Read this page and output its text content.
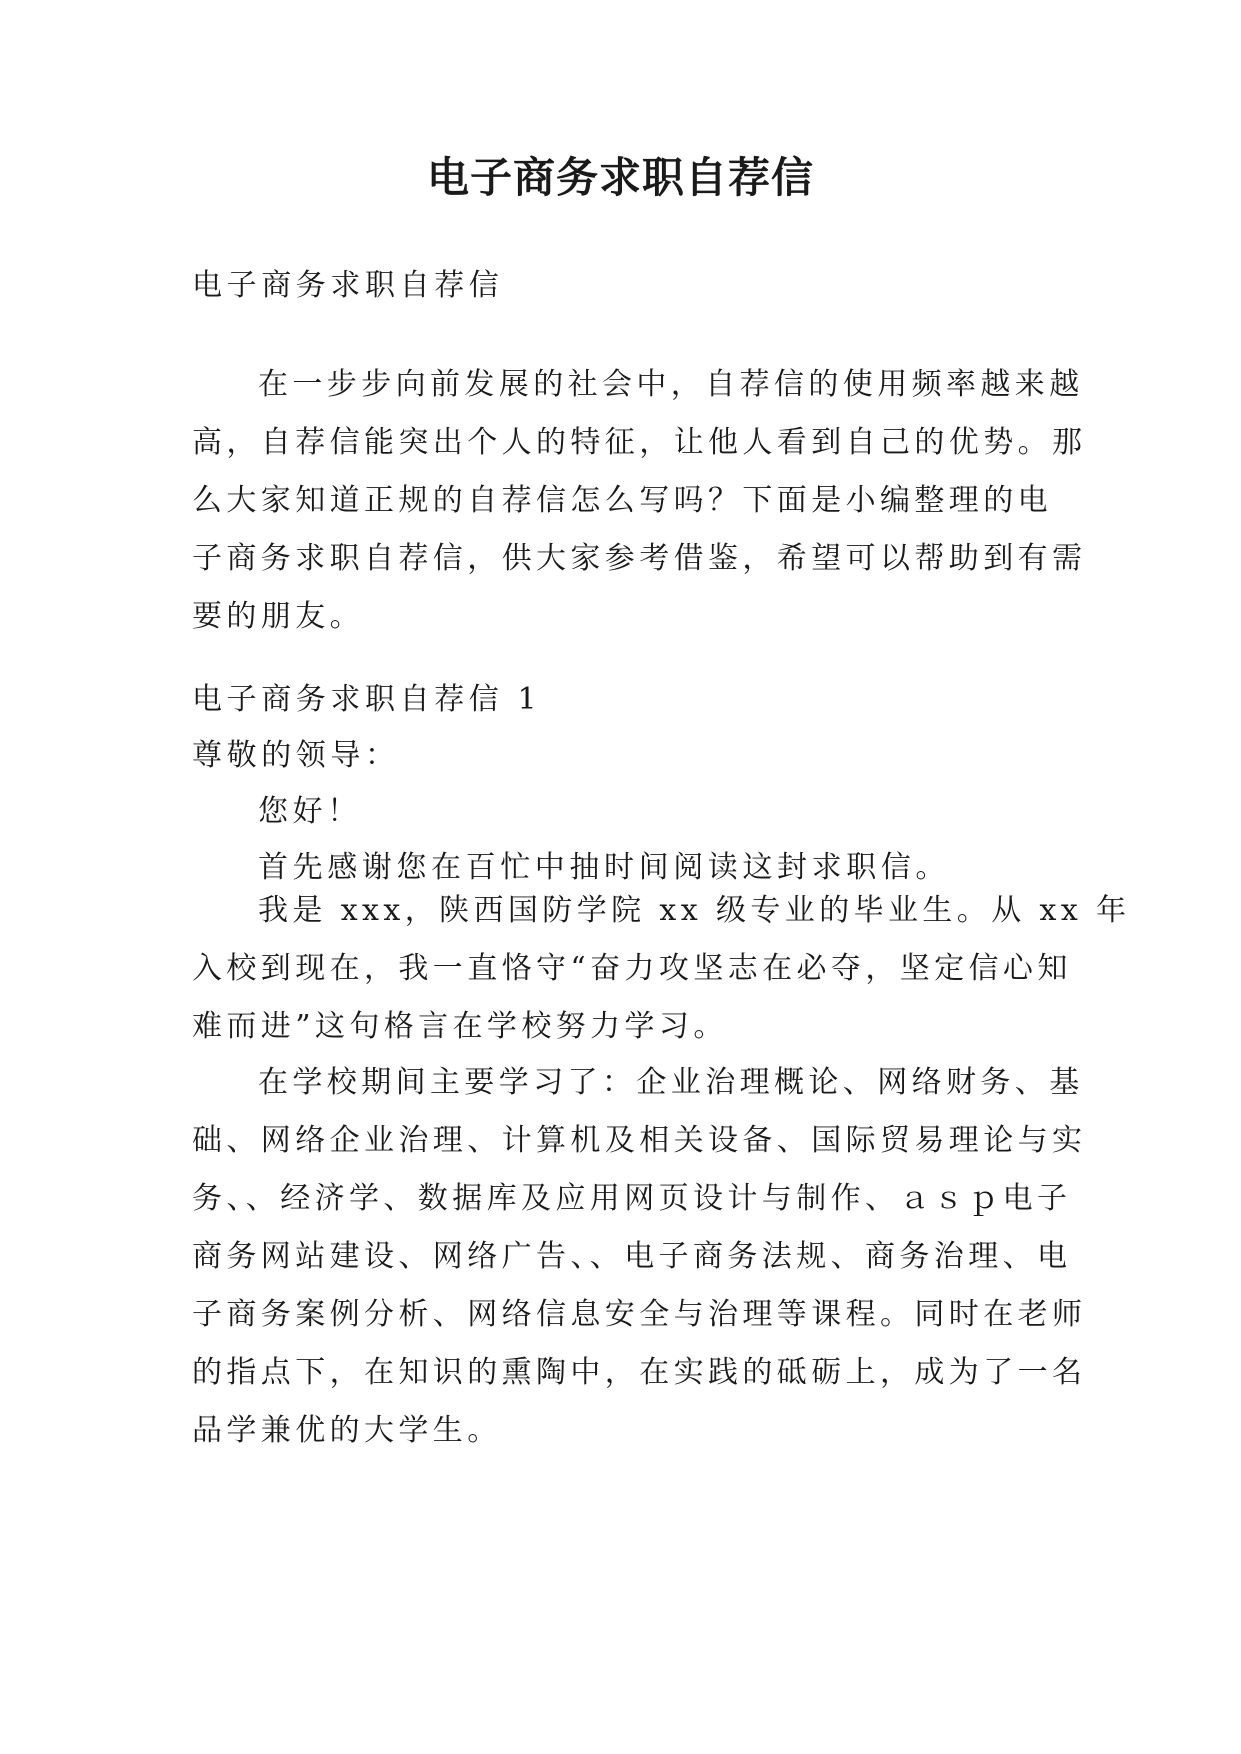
电子商务求职自荐信
电子商务求职自荐信
在一步步向前发展的社会中，自荐信的使用频率越来越
高，自荐信能突出个人的特征，让他人看到自己的优势。那
么大家知道正规的自荐信怎么写吗？下面是小编整理的电
子商务求职自荐信，供大家参考借鉴，希望可以帮助到有需
要的朋友。
电子商务求职自荐信 1
尊敬的领导：
您好！
首先感谢您在百忙中抽时间阅读这封求职信。
我是 xxx，陕西国防学院 xx 级专业的毕业生。从 xx 年
入校到现在，我一直恪守“奋力攻坚志在必夺，坚定信心知
难而进”这句格言在学校努力学习。
在学校期间主要学习了：企业治理概论、网络财务、基
础、网络企业治理、计算机及相关设备、国际贸易理论与实
务、、经济学、数据库及应用网页设计与制作、ａｓｐ电子
商务网站建设、网络广告、、电子商务法规、商务治理、电
子商务案例分析、网络信息安全与治理等课程。同时在老师
的指点下，在知识的熏陶中，在实践的砥砺上，成为了一名
品学兼优的大学生。
